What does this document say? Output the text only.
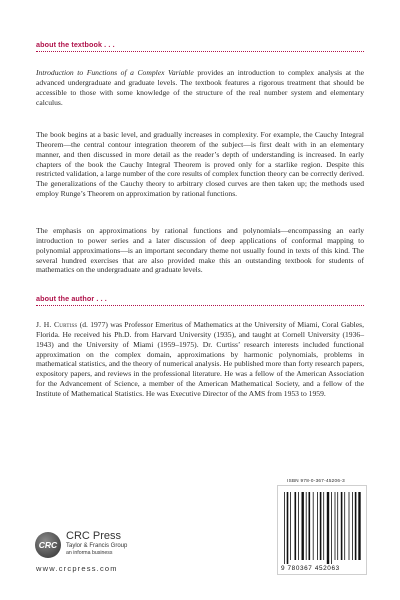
about the textbook . . .

Introduction to Functions of a Complex Variable provides an introduction to complex analysis at the advanced undergraduate and graduate levels. The textbook features a rigorous treatment that should be accessible to those with some knowledge of the structure of the real number system and elementary calculus.

The book begins at a basic level, and gradually increases in complexity. For example, the Cauchy Integral Theorem—the central contour integration theorem of the subject—is first dealt with in an elementary manner, and then discussed in more detail as the reader’s depth of understanding is increased. In early chapters of the book the Cauchy Integral Theorem is proved only for a starlike region. Despite this restricted validation, a large number of the core results of complex function theory can be correctly derived. The generalizations of the Cauchy theory to arbitrary closed curves are then taken up; the methods used employ Runge’s Theorem on approximation by rational functions.

The emphasis on approximations by rational functions and polynomials—encompassing an early introduction to power series and a later discussion of deep applications of conformal mapping to polynomial approximations—is an important secondary theme not usually found in texts of this kind. The several hundred exercises that are also provided make this an outstanding textbook for students of mathematics on the undergraduate and graduate levels.

about the author . . .

J. H. Curtiss (d. 1977) was Professor Emeritus of Mathematics at the University of Miami, Coral Gables, Florida. He received his Ph.D. from Harvard University (1935), and taught at Cornell University (1936–1943) and the University of Miami (1959–1975). Dr. Curtiss’ research interests included functional approximation on the complex domain, approximations by harmonic polynomials, problems in mathematical statistics, and the theory of numerical analysis. He published more than forty research papers, expository papers, and reviews in the professional literature. He was a fellow of the American Association for the Advancement of Science, a member of the American Mathematical Society, and a fellow of the Institute of Mathematical Statistics. He was Executive Director of the AMS from 1953 to 1959.

ISBN 978-0-367-45206-3
9 780367 452063
CRC
CRC Press
Taylor & Francis Group
an informa business
www.crcpress.com
